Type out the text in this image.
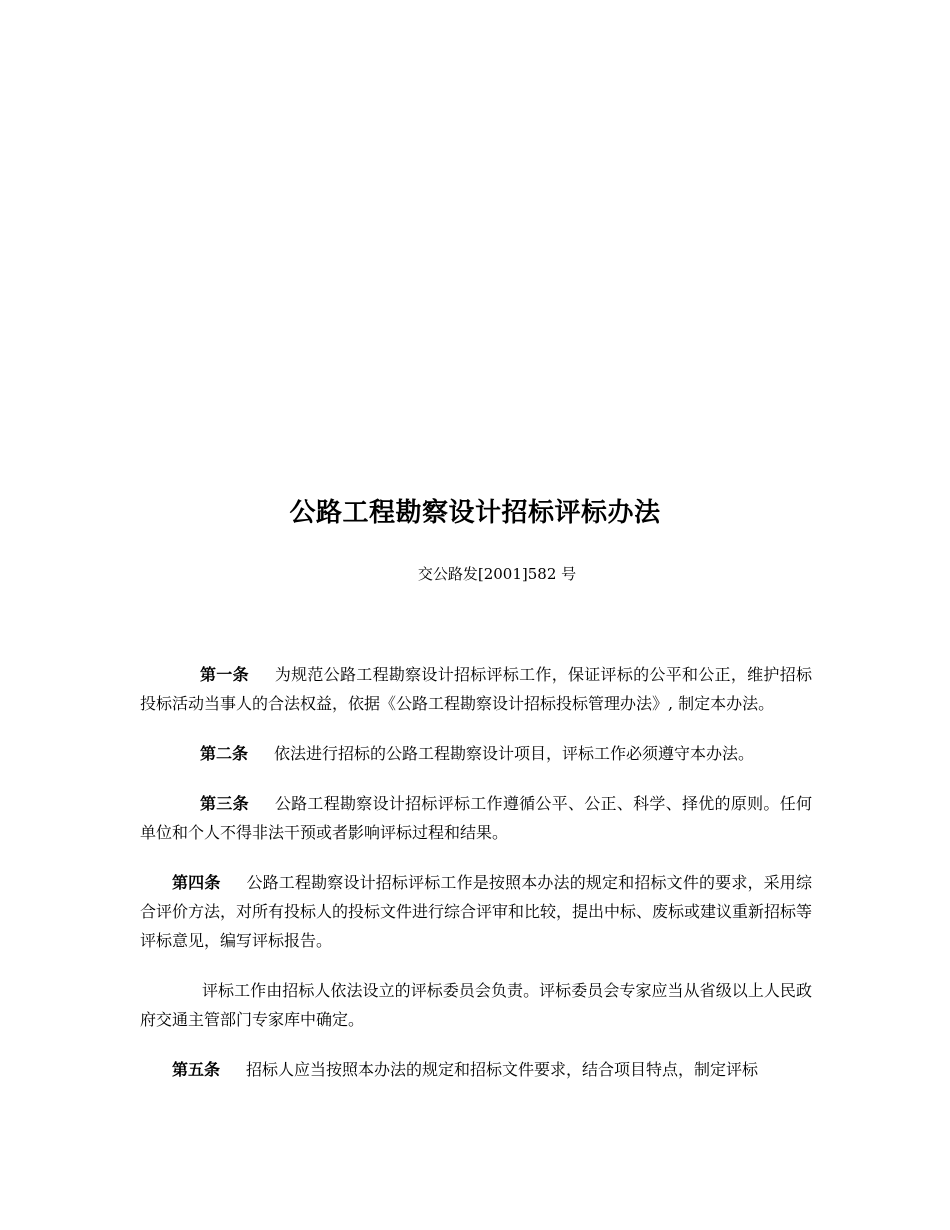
公路工程勘察设计招标评标办法
交公路发[2001]582 号

第一条 为规范公路工程勘察设计招标评标工作，保证评标的公平和公正，维护招标投标活动当事人的合法权益，依据《公路工程勘察设计招标投标管理办法》, 制定本办法。

第二条 依法进行招标的公路工程勘察设计项目，评标工作必须遵守本办法。

第三条 公路工程勘察设计招标评标工作遵循公平、公正、科学、择优的原则。任何单位和个人不得非法干预或者影响评标过程和结果。

第四条 公路工程勘察设计招标评标工作是按照本办法的规定和招标文件的要求，采用综合评价方法，对所有投标人的投标文件进行综合评审和比较，提出中标、废标或建议重新招标等评标意见，编写评标报告。

评标工作由招标人依法设立的评标委员会负责。评标委员会专家应当从省级以上人民政府交通主管部门专家库中确定。

第五条 招标人应当按照本办法的规定和招标文件要求，结合项目特点，制定评标
